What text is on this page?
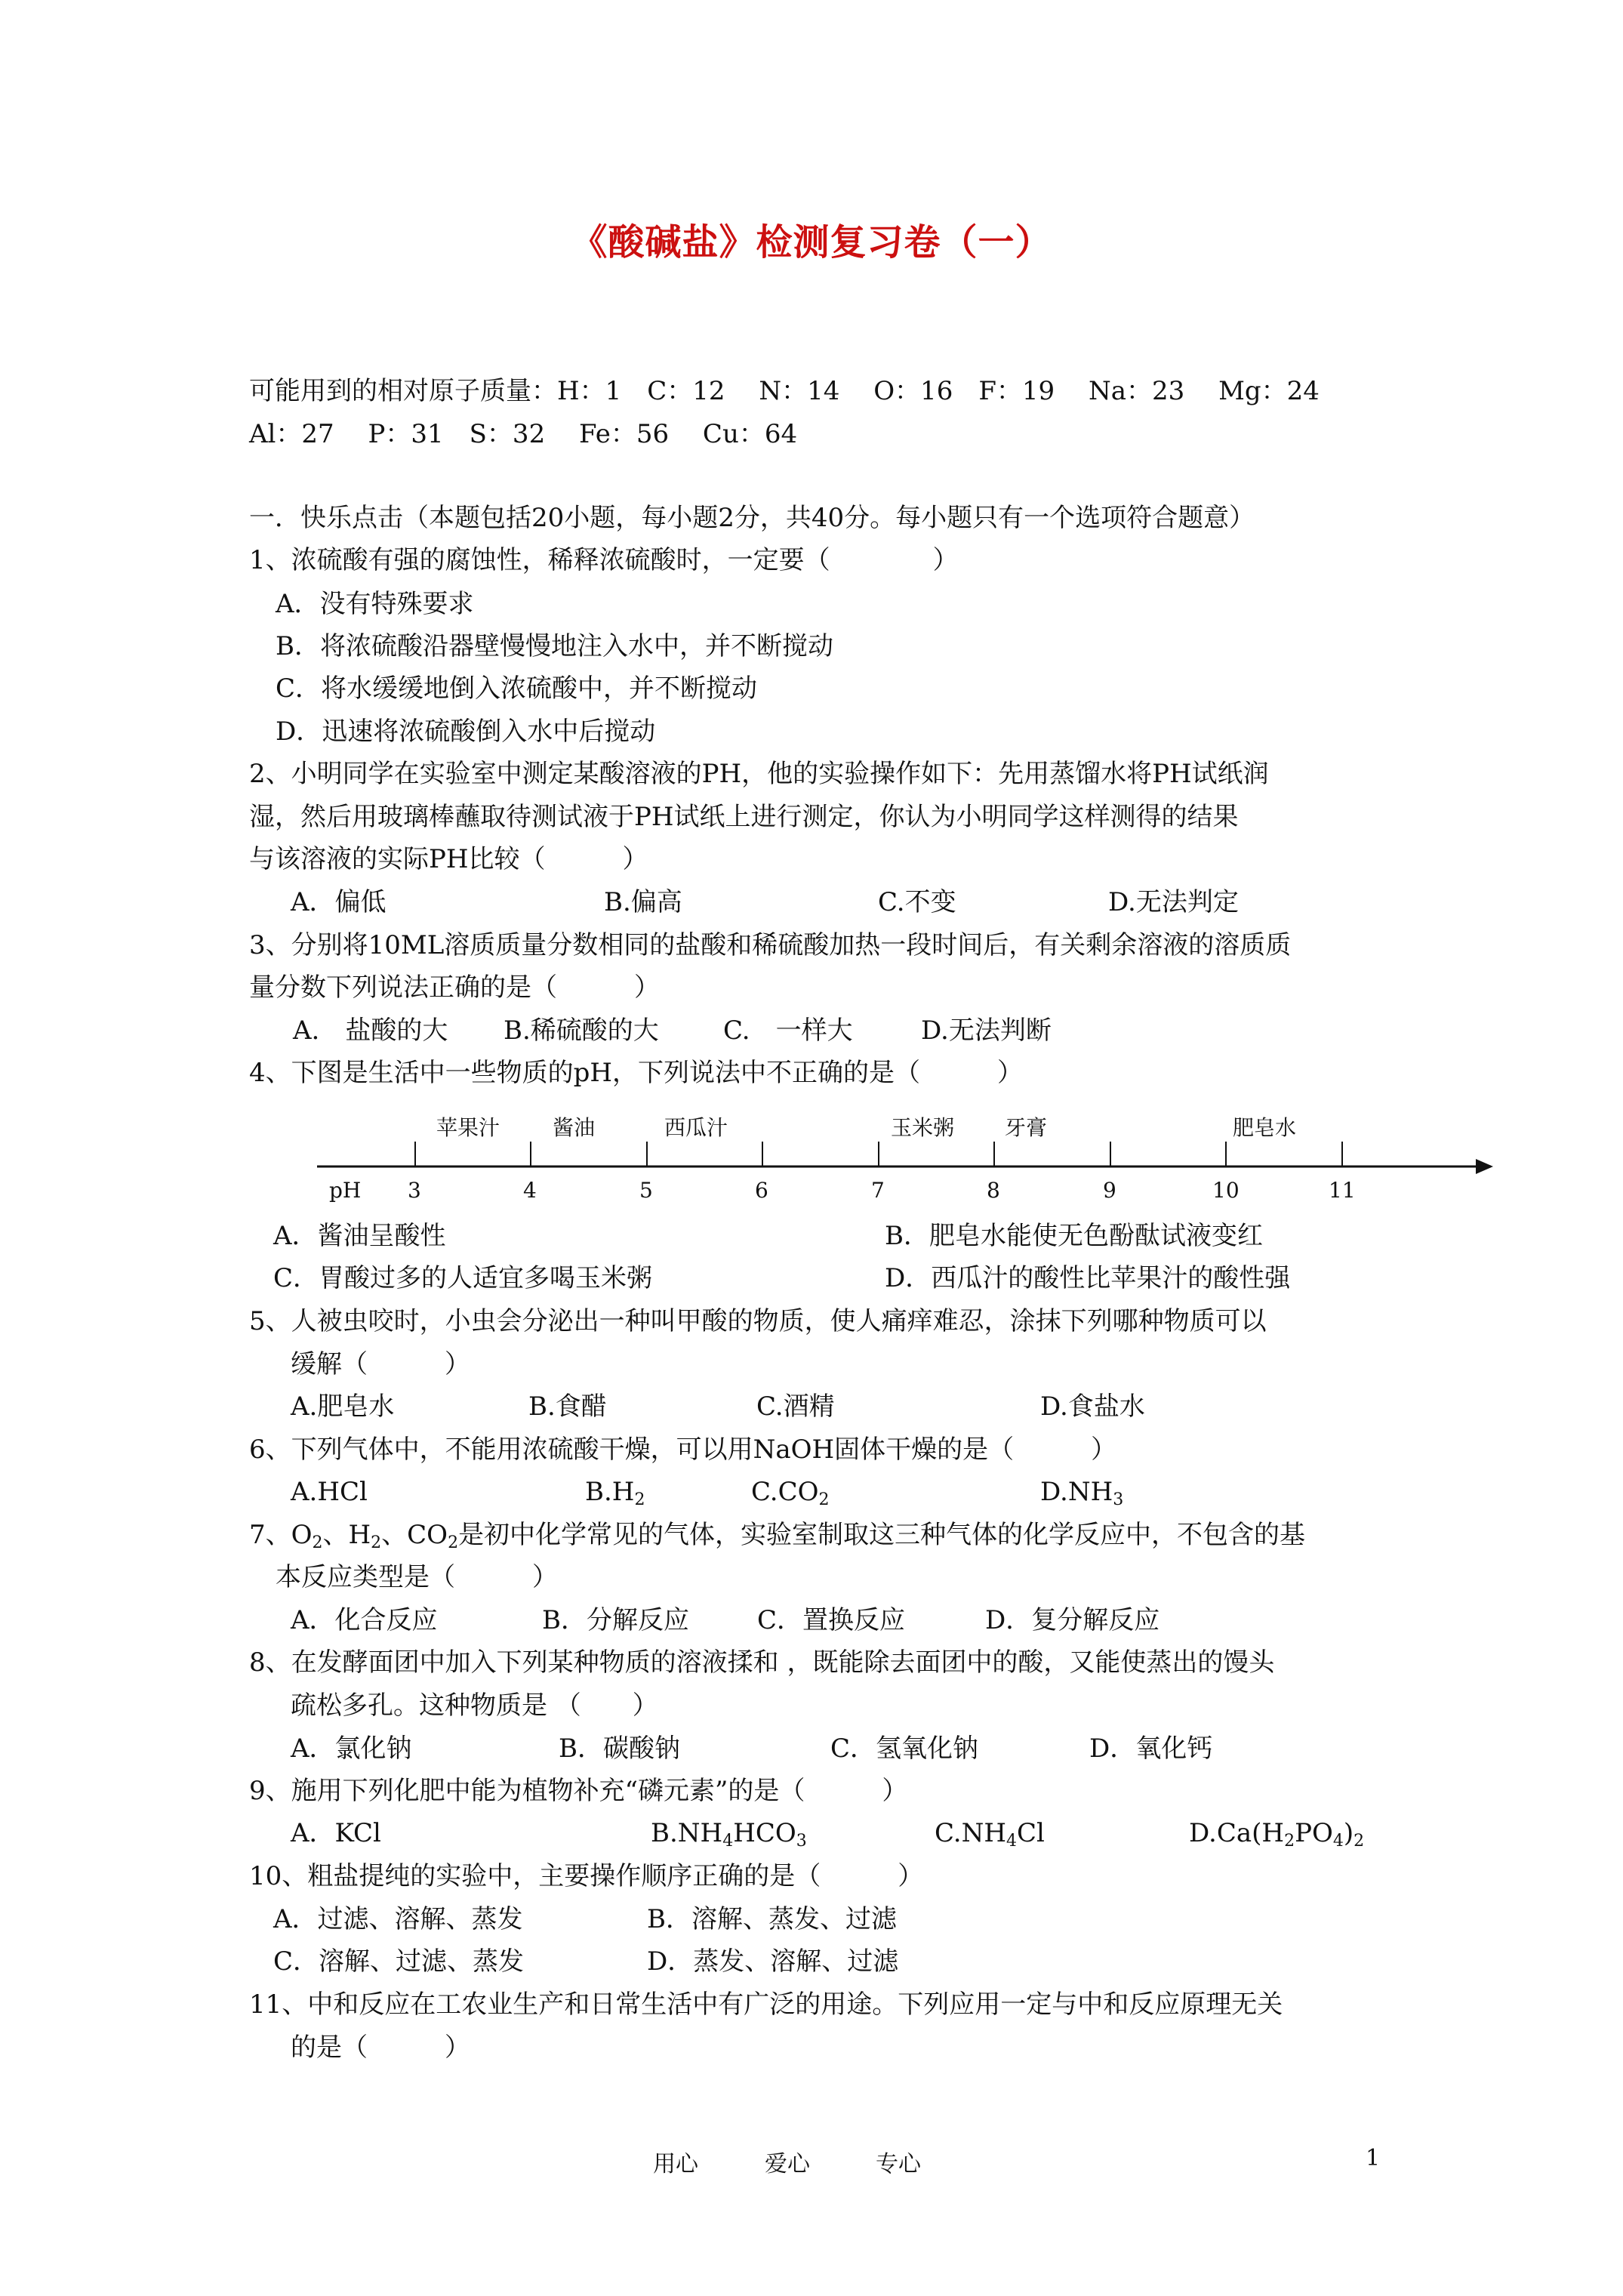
《酸碱盐》检测复习卷（一）
可能用到的相对原子质量：H：1　C：12　 N：14　 O：16　F：19　 Na：23　 Mg：24
Al：27　 P：31　S：32　 Fe：56　 Cu：64
一．快乐点击（本题包括20小题，每小题2分，共40分。每小题只有一个选项符合题意）
1、浓硫酸有强的腐蚀性，稀释浓硫酸时，一定要（　　　　）
A．没有特殊要求
B．将浓硫酸沿器壁慢慢地注入水中，并不断搅动
C．将水缓缓地倒入浓硫酸中，并不断搅动
D．迅速将浓硫酸倒入水中后搅动
2、小明同学在实验室中测定某酸溶液的PH，他的实验操作如下：先用蒸馏水将PH试纸润
湿，然后用玻璃棒蘸取待测试液于PH试纸上进行测定，你认为小明同学这样测得的结果
与该溶液的实际PH比较（　　　）
A．偏低	B.偏高	C.不变	D.无法判定
3、分别将10ML溶质质量分数相同的盐酸和稀硫酸加热一段时间后，有关剩余溶液的溶质质
量分数下列说法正确的是（　　　）
A.　盐酸的大 B.稀硫酸的大	C.　一样大	D.无法判断
4、下图是生活中一些物质的pH，下列说法中不正确的是（　　　）
pH 3	4	5	6	7	8	9	10	11
苹果汁 酱油	西瓜汁	玉米粥 牙膏	肥皂水
A．酱油呈酸性	B．肥皂水能使无色酚酞试液变红
C．胃酸过多的人适宜多喝玉米粥	D．西瓜汁的酸性比苹果汁的酸性强
5、人被虫咬时，小虫会分泌出一种叫甲酸的物质，使人痛痒难忍，涂抹下列哪种物质可以
缓解（　　　）
A.肥皂水	B.食醋	C.酒精	D.食盐水
6、下列气体中，不能用浓硫酸干燥，可以用NaOH固体干燥的是（　　　）
A.HCl	$B.H_2$	$C.CO_2$	$D.NH_3$
7、$O_2$、$H_2$、$CO_2$是初中化学常见的气体，实验室制取这三种气体的化学反应中，不包含的基
本反应类型是（　　　）
A．化合反应	B．分解反应	C．置换反应	D．复分解反应
8、在发酵面团中加入下列某种物质的溶液揉和 ，既能除去面团中的酸，又能使蒸出的馒头
疏松多孔。这种物质是 （　　）
A．氯化钠	B．碳酸钠	C．氢氧化钠	D．氧化钙
9、施用下列化肥中能为植物补充“磷元素”的是（　　　）
A．KCl	$B.NH_4HCO_3$	$C.NH_4Cl$	$D.Ca(H_2PO_4)_2$
10、粗盐提纯的实验中，主要操作顺序正确的是（　　　）
A．过滤、溶解、蒸发	B．溶解、蒸发、过滤
C．溶解、过滤、蒸发	D．蒸发、溶解、过滤
11、中和反应在工农业生产和日常生活中有广泛的用途。下列应用一定与中和反应原理无关
的是（　　　）
用心	爱心	专心	1
